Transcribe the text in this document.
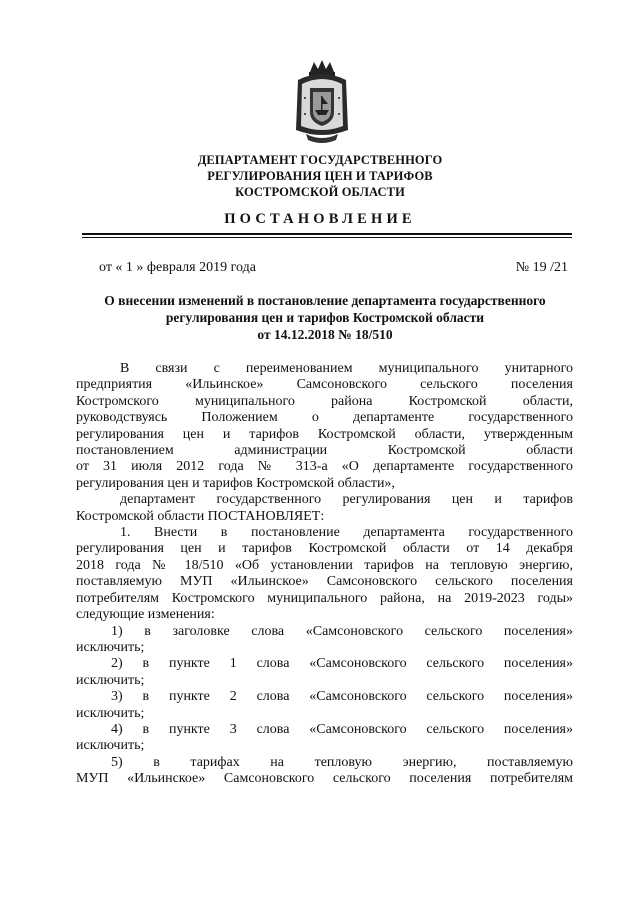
ДЕПАРТАМЕНТ ГОСУДАРСТВЕННОГО
РЕГУЛИРОВАНИЯ ЦЕН И ТАРИФОВ
КОСТРОМСКОЙ ОБЛАСТИ
ПОСТАНОВЛЕНИЕ
от « 1 » февраля 2019 года	№ 19 /21
О внесении изменений в постановление департамента государственного
регулирования цен и тарифов Костромской области
от 14.12.2018 № 18/510
В связи с переименованием муниципального унитарного
предприятия «Ильинское» Самсоновского сельского поселения
Костромского муниципального района Костромской области,
руководствуясь Положением о департаменте государственного
регулирования цен и тарифов Костромской области, утвержденным
постановлением администрации Костромской области
от 31 июля 2012 года № 313-а «О департаменте государственного
регулирования цен и тарифов Костромской области»,
департамент государственного регулирования цен и тарифов
Костромской области ПОСТАНОВЛЯЕТ:
1. Внести в постановление департамента государственного
регулирования цен и тарифов Костромской области от 14 декабря
2018 года № 18/510 «Об установлении тарифов на тепловую энергию,
поставляемую МУП «Ильинское» Самсоновского сельского поселения
потребителям Костромского муниципального района, на 2019-2023 годы»
следующие изменения:
1) в заголовке слова «Самсоновского сельского поселения»
исключить;
2) в пункте 1 слова «Самсоновского сельского поселения»
исключить;
3) в пункте 2 слова «Самсоновского сельского поселения»
исключить;
4) в пункте 3 слова «Самсоновского сельского поселения»
исключить;
5) в тарифах на тепловую энергию, поставляемую
МУП «Ильинское» Самсоновского сельского поселения потребителям
